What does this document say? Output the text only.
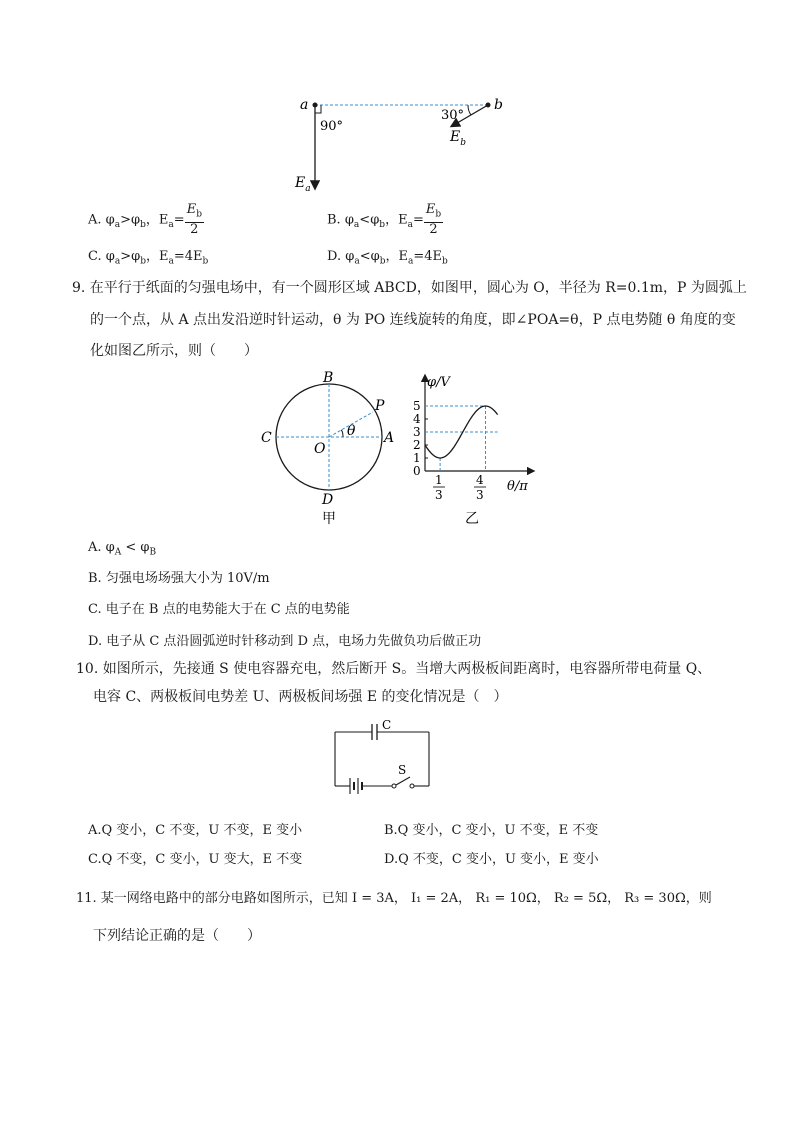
a	b
90°
30°
$E_a$
$E_b$
A. $\varphi_a>\varphi_b$，$E_a= \frac{E_b}{2}$	B. $\varphi_a<\varphi_b$，$E_a= \frac{E_b}{2}$
C. $\varphi_a>\varphi_b$，$E_a=4E_b$	D. $\varphi_a<\varphi_b$，$E_a=4E_b$
9. 在平行于纸面的匀强电场中，有一个圆形区域 ABCD，如图甲，圆心为 O，半径为 R=0.1m，P 为圆弧上
的一个点，从 A 点出发沿逆时针运动，θ 为 PO 连线旋转的角度，即∠POA=θ，P 点电势随 θ 角度的变
化如图乙所示，则（　　）
B
C
O
A
D
P
θ
甲
φ/V
θ/π
0
1
2
3
4
5
1
3
4
3
乙
A. $\varphi_A < \varphi_B$
B. 匀强电场场强大小为 10V/m
C. 电子在 B 点的电势能大于在 C 点的电势能
D. 电子从 C 点沿圆弧逆时针移动到 D 点，电场力先做负功后做正功
10. 如图所示，先接通 S 使电容器充电，然后断开 S。当增大两极板间距离时，电容器所带电荷量 Q、
电容 C、两极板间电势差 U、两极板间场强 E 的变化情况是（　）
C
S
A.Q 变小，C 不变，U 不变，E 变小	B.Q 变小，C 变小，U 不变，E 不变
C.Q 不变，C 变小，U 变大，E 不变	D.Q 不变，C 变小，U 变小，E 变小
11. 某一网络电路中的部分电路如图所示，已知 I = 3A， I₁ = 2A， R₁ = 10Ω， R₂ = 5Ω， R₃ = 30Ω，则
下列结论正确的是（　　）
